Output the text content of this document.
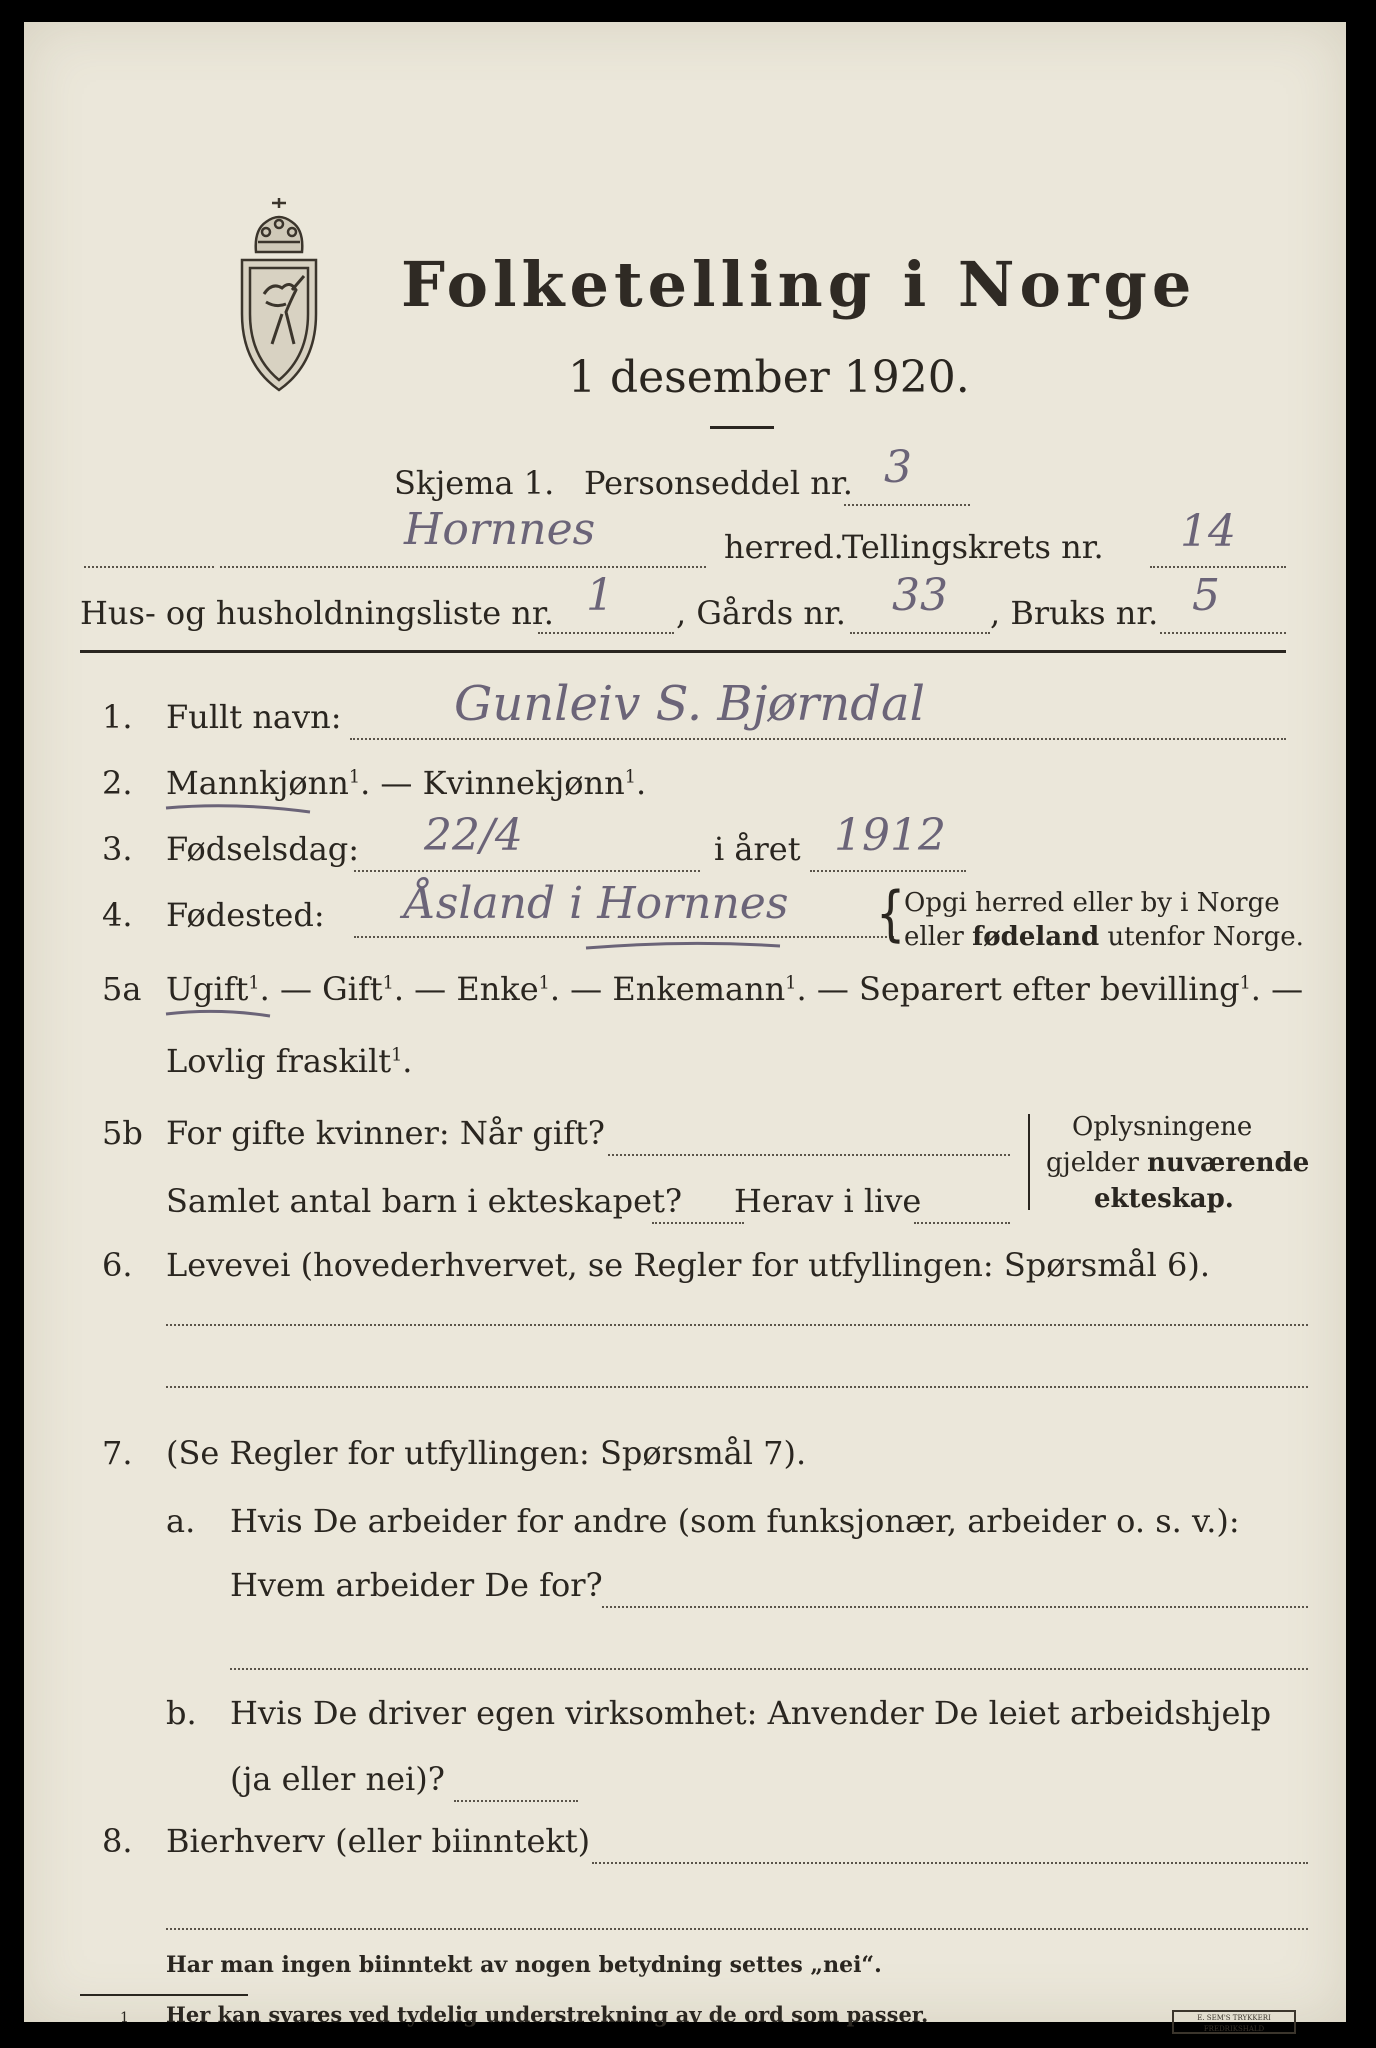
Folketelling i Norge
1 desember 1920.
Skjema 1. Personseddel nr. 3
Hornnes	herred.
Tellingskrets nr. 14
Hus- og husholdningsliste nr. 1 , Gårds nr. 33 , Bruks nr. 5
1. Fullt navn: Gunleiv S. Bjørndal
2. Mannkjønn$^1$. — Kvinnekjønn$^1$.
3. Fødselsdag: 22/4	i året 1912
4. Fødested: Åsland i Hornnes {
Opgi herred eller by i Norge
eller fødeland utenfor Norge.
5a Ugift$^1$. — Gift$^1$. — Enke$^1$. — Enkemann$^1$. — Separert efter bevilling$^1$. —
Lovlig fraskilt$^1$.
5b For gifte kvinner: Når gift?
Samlet antal barn i ekteskapet? Herav i live
Oplysningene
gjelder nuværende
ekteskap.
6. Levevei (hovederhvervet, se Regler for utfyllingen: Spørsmål 6).
7. (Se Regler for utfyllingen: Spørsmål 7).
a. Hvis De arbeider for andre (som funksjonær, arbeider o. s. v.):
Hvem arbeider De for?
b. Hvis De driver egen virksomhet: Anvender De leiet arbeidshjelp
(ja eller nei)?
8. Bierhverv (eller biinntekt)
Har man ingen biinntekt av nogen betydning settes „nei“.
1 Her kan svares ved tydelig understrekning av de ord som passer.	E. SEM'S TRYKKERI FREDRIKSHALD
